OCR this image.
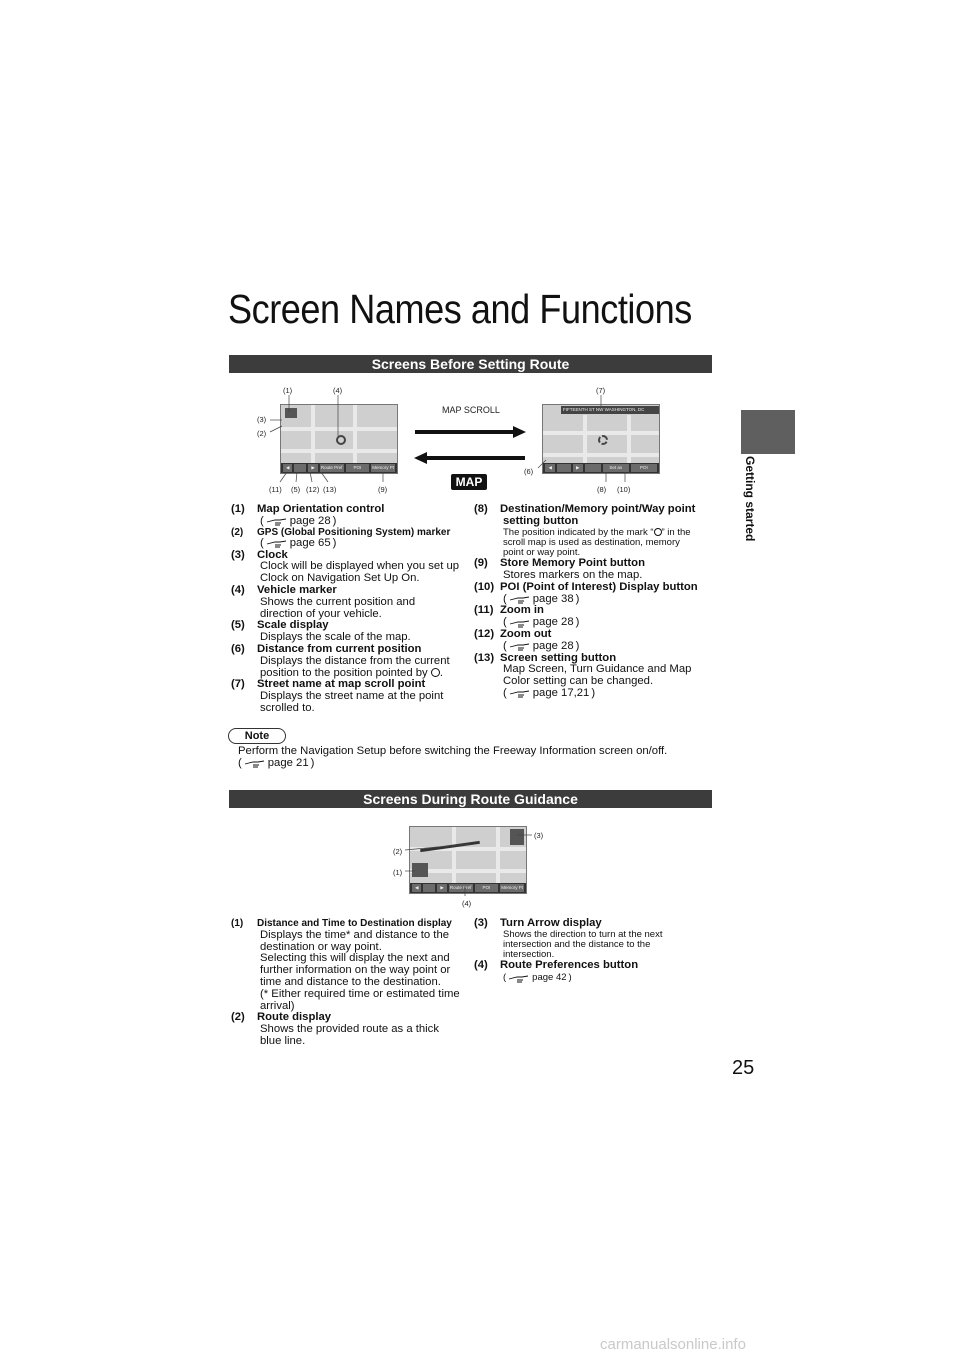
Getting started
Screen Names and Functions
Screens Before Setting Route
◀	▶	Route Pref	POI	Memory Pt
FIFTEENTH ST NW WASHINGTON, DC
◀	▶	Set as	POI
MAP SCROLL
MAP
(1)	(4)
(3)
(2)
(11) (5) (12) (13)	(9)
(7)
(6)
(8) (10)
(1)	Map Orientation control
( page 28 )
(2)	GPS (Global Positioning System) marker
( page 65 )
(3)	Clock
Clock will be displayed when you set up
Clock on Navigation Set Up On.
(4)	Vehicle marker
Shows the current position and
direction of your vehicle.
(5)	Scale display
Displays the scale of the map.
(6)	Distance from current position
Displays the distance from the current
position to the position pointed by .
(7)	Street name at map scroll point
Displays the street name at the point
scrolled to.
(8)	Destination/Memory point/Way point
setting button
The position indicated by the mark “ ” in the
scroll map is used as destination, memory
point or way point.
(9)	Store Memory Point button
Stores markers on the map.
(10) POI (Point of Interest) Display button
( page 38 )
(11) Zoom in
( page 28 )
(12) Zoom out
( page 28 )
(13) Screen setting button
Map Screen, Turn Guidance and Map
Color setting can be changed.
( page 17,21 )
Note
Perform the Navigation Setup before switching the Freeway Information screen on/off.
( page 21 )
Screens During Route Guidance
◀	▶	Route Pref	POI	Memory Pt
(3)
(2)
(1)
(4)
(1)	Distance and Time to Destination display
Displays the time* and distance to the
destination or way point.
Selecting this will display the next and
further information on the way point or
time and distance to the destination.
(* Either required time or estimated time
arrival)
(2)	Route display
Shows the provided route as a thick
blue line.
(3)	Turn Arrow display
Shows the direction to turn at the next
intersection and the distance to the
intersection.
(4)	Route Preferences button
(	page 42 )
25
carmanualsonline.info
